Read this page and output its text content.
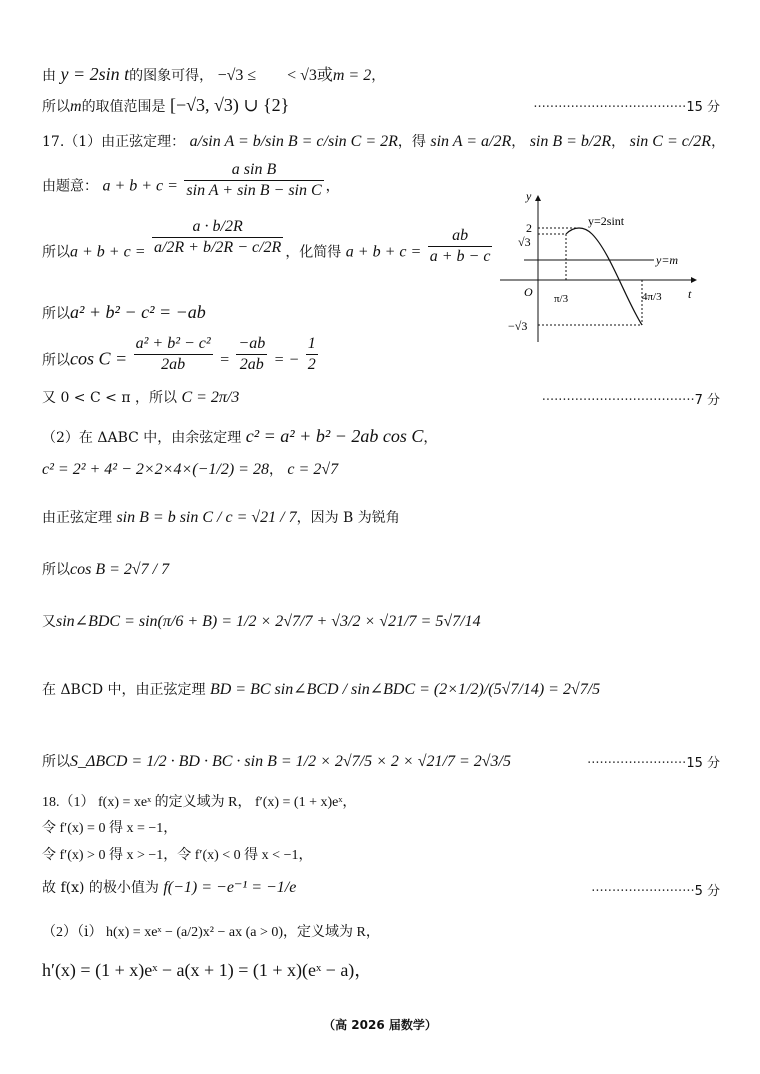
由 y = 2sin t的图象可得， −√3 ≤ < √3或m = 2，
所以m的取值范围是 [−√3, √3) ∪ {2}	·····································15 分
17.（1）由正弦定理： a/sin A = b/sin B = c/sin C = 2R，得 sin A = a/2R， sin B = b/2R， sin C = c/2R，
由题意： $a + b + c = \frac{\text{a sin B}}{\text{sin A + sin B − sin C}}$ ，
所以$a + b + c = \frac{a \cdot b/2R}{a/2R + b/2R - c/2R}$ ，化简得 $a + b + c = \frac{ab}{a + b - c}$
所以a² + b² − c² = −ab
所以$\cos C = \frac{\text{a² + b² − c²}}{2ab} = \frac{-ab}{2ab}$ = − $\frac{1}{2}$
又 0 < C < π ，所以 C = 2π/3	·····································7 分
（2）在 ΔABC 中，由余弦定理 c² = a² + b² − 2ab cos C，
c² = 2² + 4² − 2×2×4×(−1/2) = 28， c = 2√7
由正弦定理 sin B = b sin C / c = √21 / 7，因为 B 为锐角
所以cos B = 2√7 / 7
又sin∠BDC = sin(π/6 + B) = 1/2 × 2√7/7 + √3/2 × √21/7 = 5√7/14
在 ΔBCD 中，由正弦定理 BD = BC sin∠BCD / sin∠BDC = (2×1/2)/(5√7/14) = 2√7/5
所以S_ΔBCD = 1/2 · BD · BC · sin B = 1/2 × 2√7/5 × 2 × √21/7 = 2√3/5	························15 分
18.（1） f(x) = xeˣ 的定义域为 R， f′(x) = (1 + x)eˣ，
令 f′(x) = 0 得 x = −1，
令 f′(x) > 0 得 x > −1，令 f′(x) < 0 得 x < −1，
故 f(x) 的极小值为 f(−1) = −e⁻¹ = −1/e	·························5 分
（2）（ⅰ） h(x) = xeˣ − (a/2)x² − ax (a > 0)，定义域为 R，
h′(x) = (1 + x)eˣ − a(x + 1) = (1 + x)(eˣ − a)，
y
t
O
y=2sint
y=m
2
√3
−√3
π/3	4π/3
（高 2026 届数学）
